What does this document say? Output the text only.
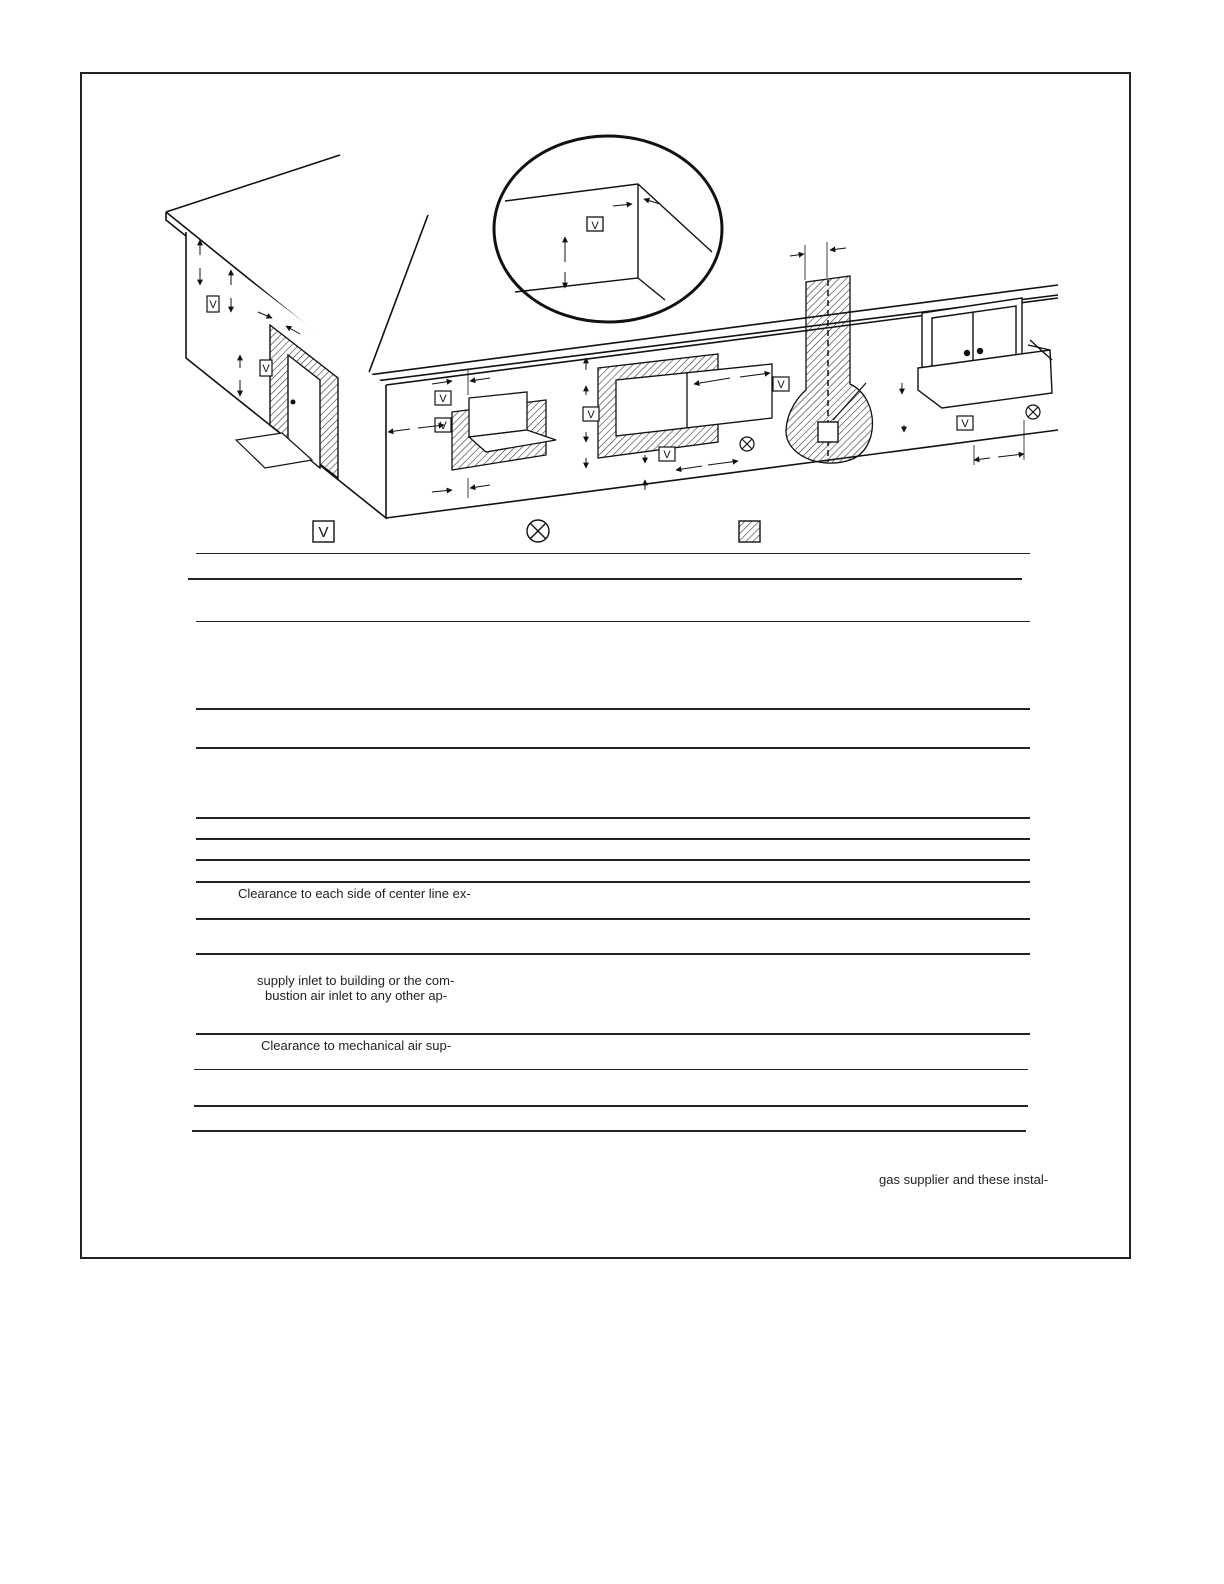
V
V
V
V
V
V
V
V
V
V
Clearance to each side of center line ex-
supply inlet to building or the com-
bustion air inlet to any other ap-
Clearance to mechanical air sup-
gas supplier and these instal-
